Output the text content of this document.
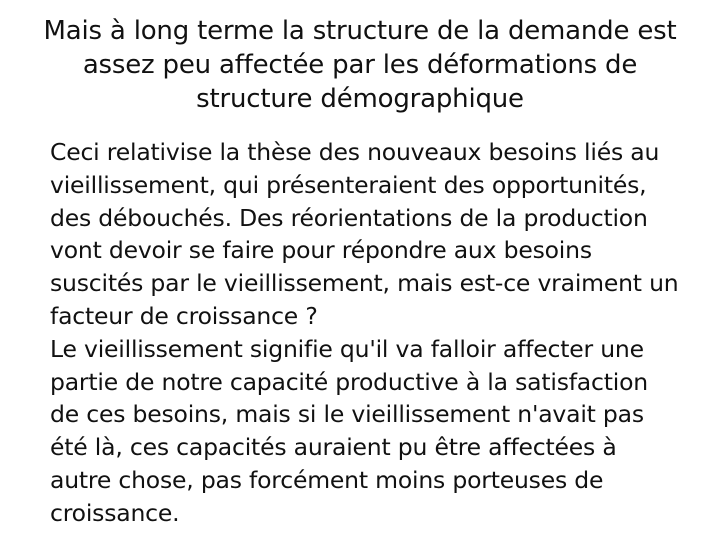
Mais à long terme la structure de la demande est
assez peu affectée par les déformations de
structure démographique

Ceci relativise la thèse des nouveaux besoins liés au
vieillissement, qui présenteraient des opportunités,
des débouchés. Des réorientations de la production
vont devoir se faire pour répondre aux besoins
suscités par le vieillissement, mais est-ce vraiment un
facteur de croissance ?

Le vieillissement signifie qu'il va falloir affecter une
partie de notre capacité productive à la satisfaction
de ces besoins, mais si le vieillissement n'avait pas
été là, ces capacités auraient pu être affectées à
autre chose, pas forcément moins porteuses de
croissance.
